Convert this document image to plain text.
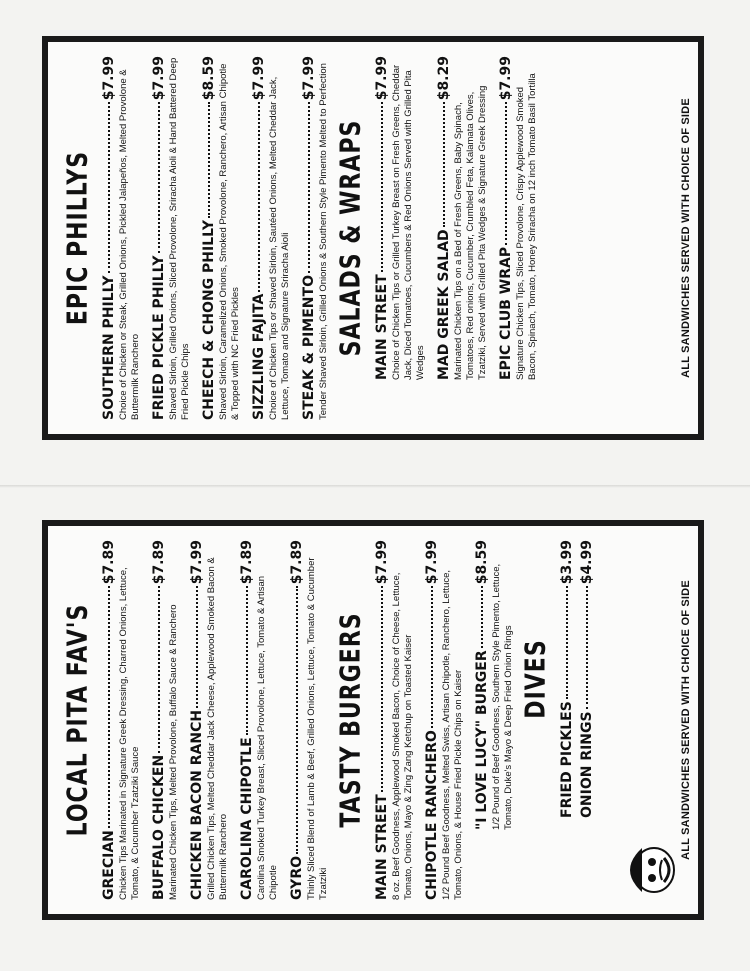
EPIC PHILLYS
SOUTHERN PHILLY
$7.99 Choice of Chicken or Steak, Grilled Onions, Pickled Jalapeños, Melted Provolone & Buttermilk Ranchero FRIED PICKLE PHILLY
$7.99 Shaved Sirloin, Grilled Onions, Sliced Provolone, Sriracha Aioli & Hand Battered Deep Fried Pickle Chips CHEECH & CHONG PHILLY
$8.59 Shaved Sirloin, Caramelized Onions, Smoked Provolone, Ranchero, Artisan Chipotle & Topped with NC Fried Pickles SIZZLING FAJITA
$7.99 Choice of Chicken Tips or Shaved Sirloin, Sautéed Onions, Melted Cheddar Jack, Lettuce, Tomato and Signature Sriracha Aioli STEAK & PIMENTO
$7.99 Tender Shaved Sirloin, Grilled Onions & Southern Style Pimento Melted to Perfection SALADS & WRAPS MAIN STREET
$7.99 Choice of Chicken Tips or Grilled Turkey Breast on Fresh Greens, Cheddar Jack, Diced Tomatoes, Cucumbers & Red Onions Served with Grilled Pita Wedges MAD GREEK SALAD
$8.29
Marinated Chicken Tips on a Bed of Fresh Greens, Baby Spinach, Tomatoes, Red onions, Cucumber, Crumbled Feta, Kalamata Olives, Tzatziki, Served with Grilled Pita Wedges & Signature Greek Dressing EPIC CLUB WRAP
$7.99
Signature Chicken Tips, Sliced Provolone, Crispy Applewood Smoked Bacon, Spinach, Tomato, Honey Sriracha on 12 inch Tomato Basil Tortilla	ALL SANDWICHES SERVED WITH CHOICE OF SIDE
LOCAL PITA FAV'S
GRECIAN
$7.89
Chicken Tips Marinated in Signature Greek Dressing, Charred Onions, Lettuce, Tomato, & Cucumber Tzatziki Sauce BUFFALO CHICKEN
$7.89
Marinated Chicken Tips, Melted Provolone, Buffalo Sauce & Ranchero CHICKEN BACON RANCH
$7.99 Grilled Chicken Tips, Melted Cheddar Jack Cheese, Applewood Smoked Bacon & Buttermilk Ranchero CAROLINA CHIPOTLE
$7.89
Carolina Smoked Turkey Breast, Sliced Provolone, Lettuce, Tomato & Artisan Chipotle GYRO
$7.89 Thinly Sliced Blend of Lamb & Beef, Grilled Onions, Lettuce, Tomato & Cucumber Tzatziki
TASTY BURGERS
MAIN STREET
$7.99
8 oz. Beef Goodness, Applewood Smoked Bacon, Choice of Cheese, Lettuce, Tomato, Onions, Mayo & Zing Zang Ketchup on Toasted Kaiser CHIPOTLE RANCHERO
$7.99
1/2 Pound Beef Goodness, Melted Swiss, Artisan Chipotle, Ranchero, Lettuce, Tomato, Onions, & House Fried Pickle Chips on Kaiser "I LOVE LUCY" BURGER
$8.59
1/2 Pound of Beef Goodness, Southern Style Pimento, Lettuce, Tomato, Duke's Mayo & Deep Fried Onion Rings DIVES
FRIED PICKLES
$3.99
ONION RINGS
$4.99
ALL SANDWICHES SERVED WITH CHOICE OF SIDE
